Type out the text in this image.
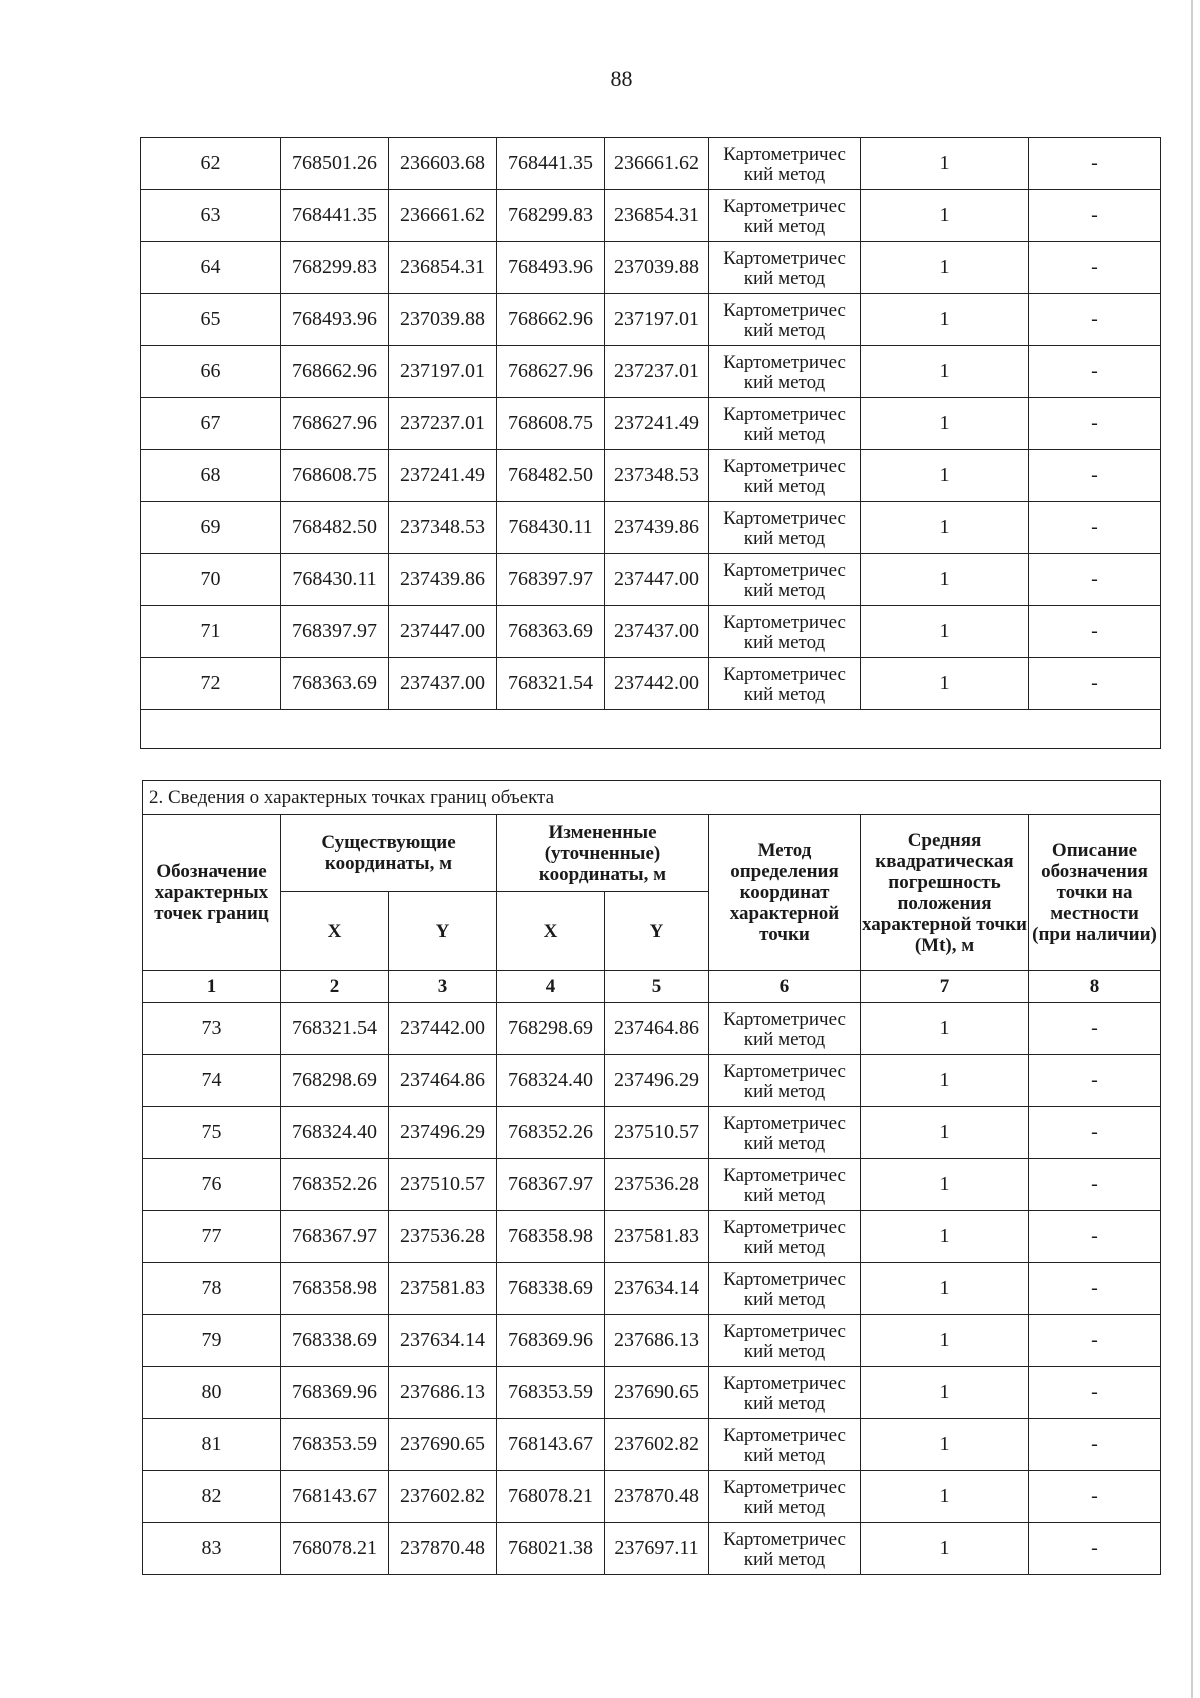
88
62	768501.26	236603.68	768441.35	236661.62	Картометричес кий метод	1	-
63	768441.35	236661.62	768299.83	236854.31	Картометричес кий метод	1	-
64	768299.83	236854.31	768493.96	237039.88	Картометричес кий метод	1	-
65	768493.96	237039.88	768662.96	237197.01	Картометричес кий метод	1	-
66	768662.96	237197.01	768627.96	237237.01	Картометричес кий метод	1	-
67	768627.96	237237.01	768608.75	237241.49	Картометричес кий метод	1	-
68	768608.75	237241.49	768482.50	237348.53	Картометричес кий метод	1	-
69	768482.50	237348.53	768430.11	237439.86	Картометричес кий метод	1	-
70	768430.11	237439.86	768397.97	237447.00	Картометричес кий метод	1	-
71	768397.97	237447.00	768363.69	237437.00	Картометричес кий метод	1	-
72	768363.69	237437.00	768321.54	237442.00	Картометричес кий метод	1	-

2. Сведения о характерных точках границ объекта							
Обозначение характерных точек границ	Существующие координаты, м		Измененные (уточненные) координаты, м		Метод определения координат характерной точки	Средняя квадратическая погрешность положения характерной точки (Mt), м	Описание обозначения точки на местности (при наличии)
	X	Y	X	Y			
1	2	3	4	5	6	7	8
73	768321.54	237442.00	768298.69	237464.86	Картометричес кий метод	1	-
74	768298.69	237464.86	768324.40	237496.29	Картометричес кий метод	1	-
75	768324.40	237496.29	768352.26	237510.57	Картометричес кий метод	1	-
76	768352.26	237510.57	768367.97	237536.28	Картометричес кий метод	1	-
77	768367.97	237536.28	768358.98	237581.83	Картометричес кий метод	1	-
78	768358.98	237581.83	768338.69	237634.14	Картометричес кий метод	1	-
79	768338.69	237634.14	768369.96	237686.13	Картометричес кий метод	1	-
80	768369.96	237686.13	768353.59	237690.65	Картометричес кий метод	1	-
81	768353.59	237690.65	768143.67	237602.82	Картометричес кий метод	1	-
82	768143.67	237602.82	768078.21	237870.48	Картометричес кий метод	1	-
83	768078.21	237870.48	768021.38	237697.11	Картометричес кий метод	1	-
